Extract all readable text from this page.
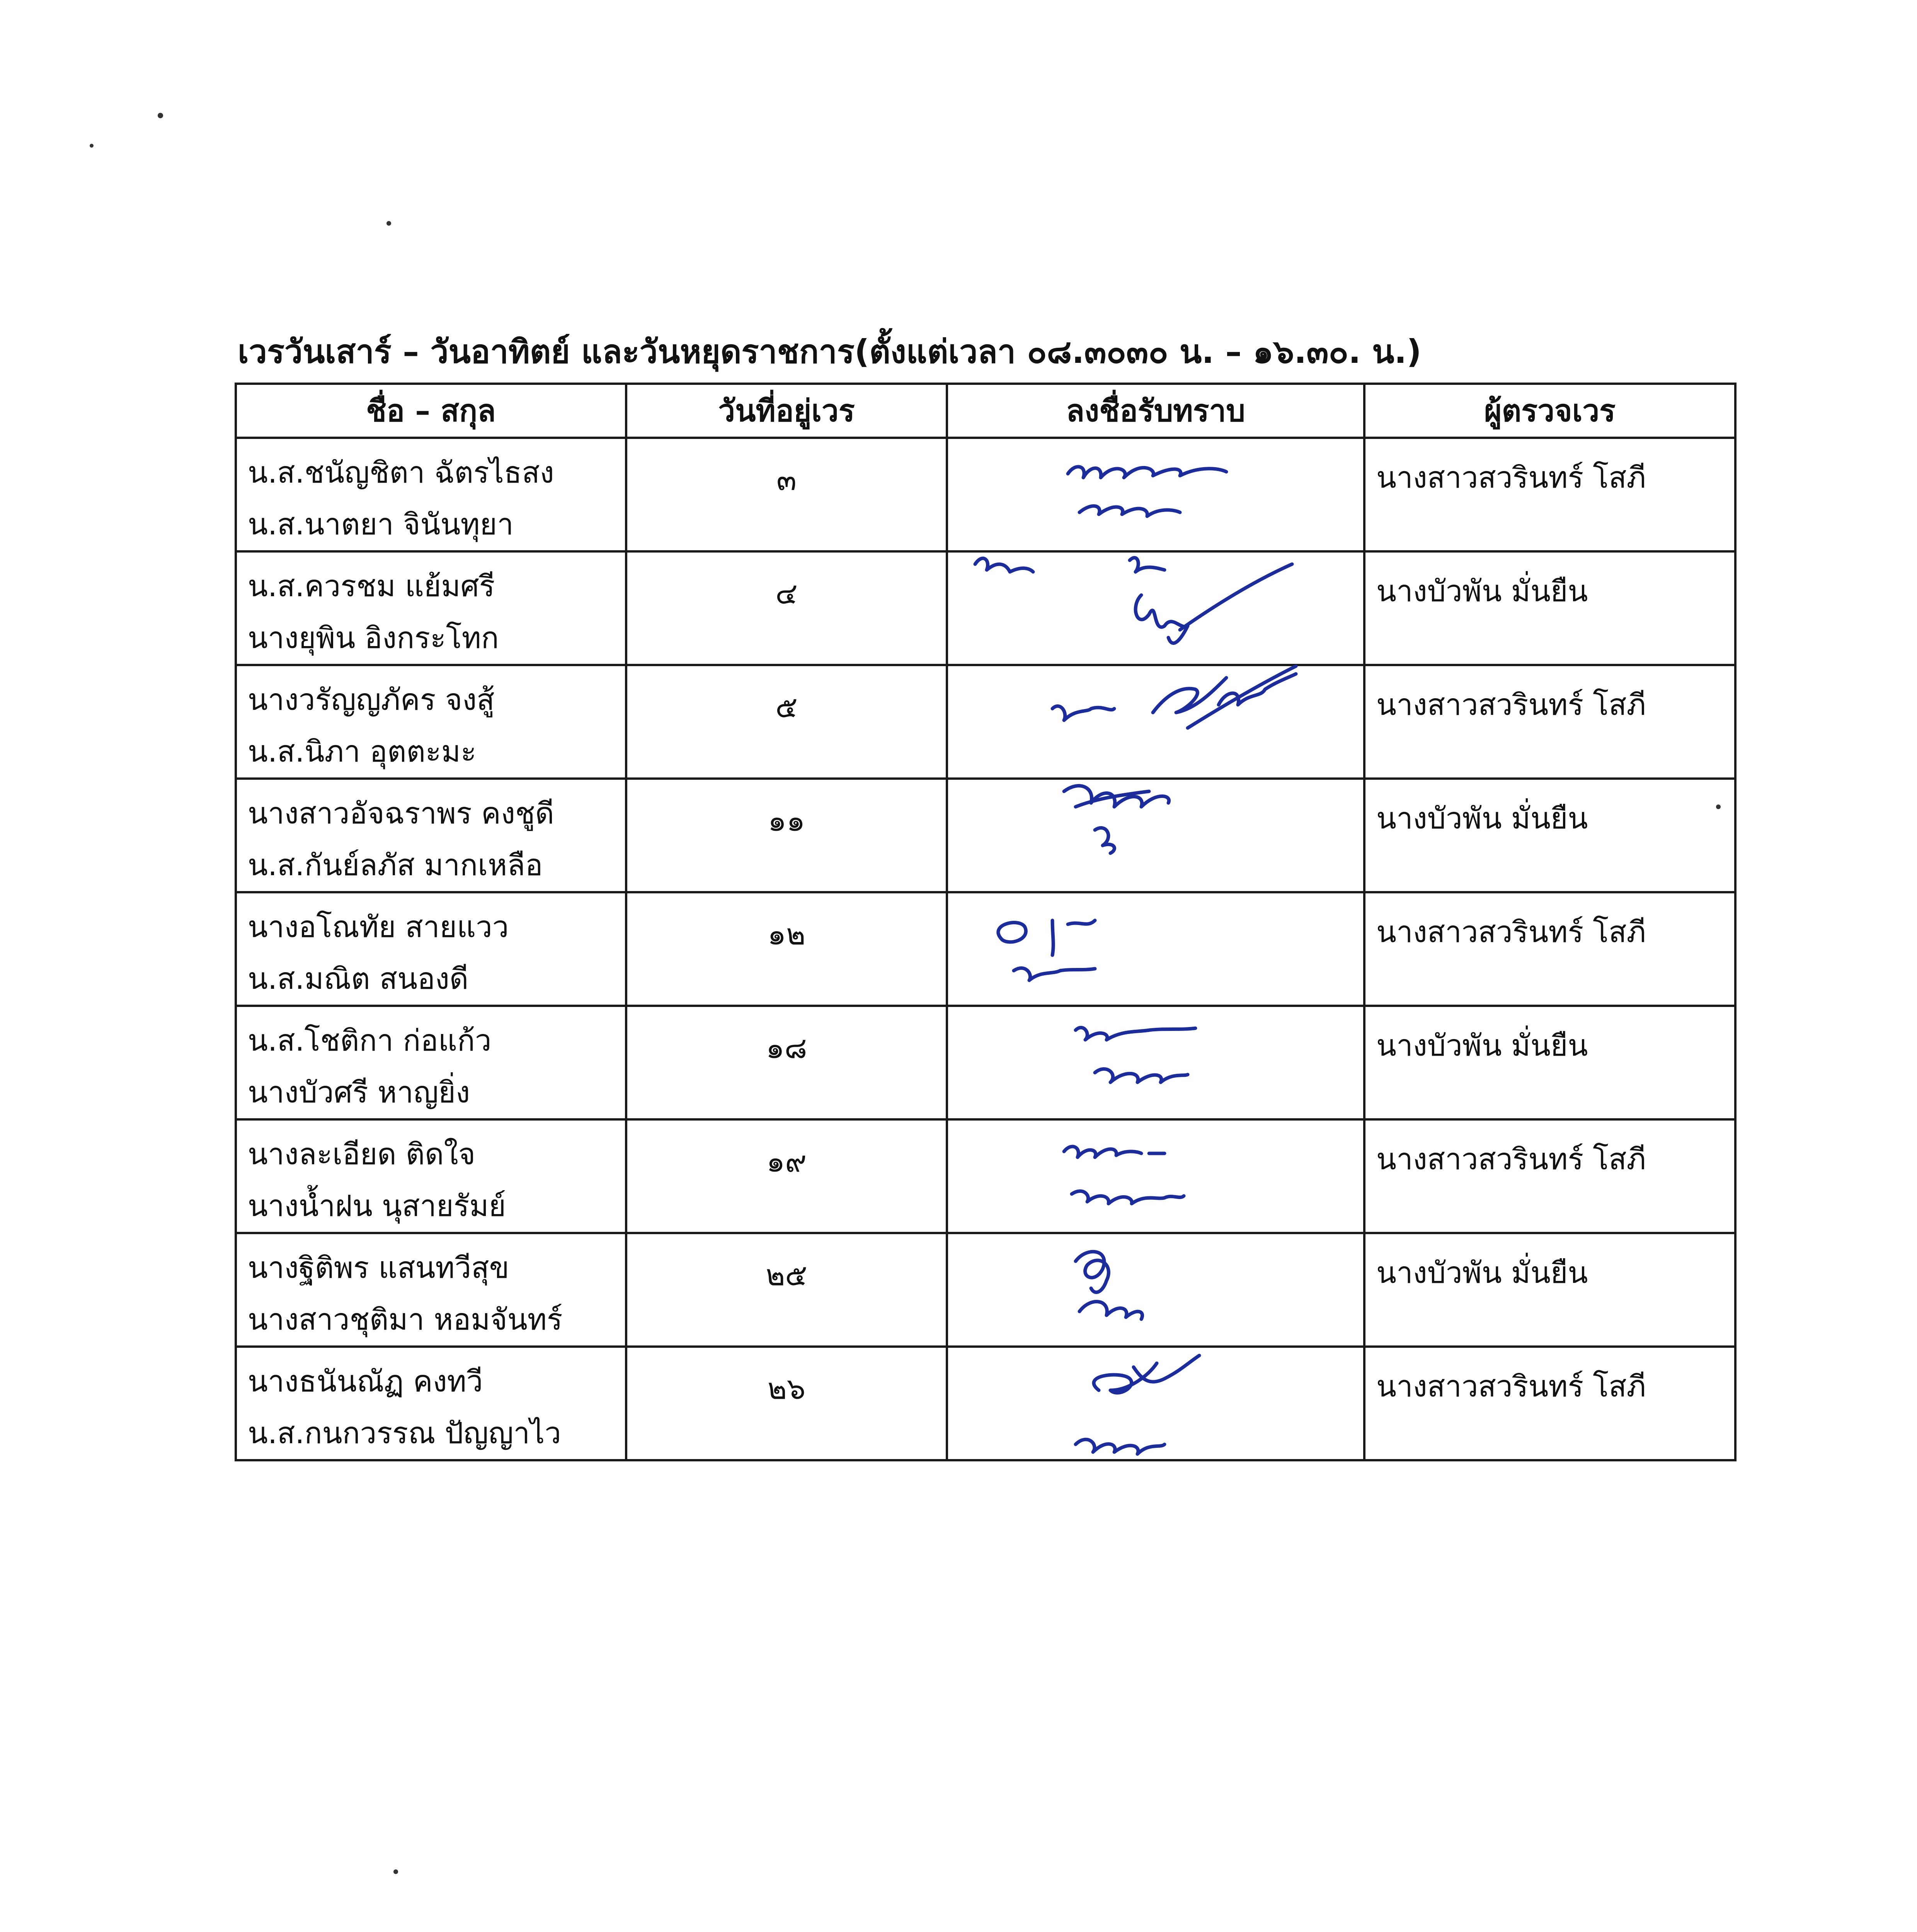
เวรวันเสาร์ – วันอาทิตย์ และวันหยุดราชการ(ตั้งแต่เวลา ๐๘.๓๐๓๐ น. – ๑๖.๓๐. น.)
ชื่อ – สกุล	วันที่อยู่เวร	ลงชื่อรับทราบ	ผู้ตรวจเวร

น.ส.ชนัญชิตา ฉัตรไธสง
น.ส.นาตยา จินันทุยา	๓		นางสาวสวรินทร์ โสภี

น.ส.ควรชม แย้มศรี
นางยุพิน อิงกระโทก	๔		นางบัวพัน มั่นยืน

นางวรัญญภัคร จงสู้
น.ส.นิภา อุตตะมะ	๕		นางสาวสวรินทร์ โสภี

นางสาวอัจฉราพร คงชูดี
น.ส.กันย์ลภัส มากเหลือ	๑๑		นางบัวพัน มั่นยืน

นางอโณทัย สายแวว
น.ส.มณิต สนองดี	๑๒		นางสาวสวรินทร์ โสภี

น.ส.โชติกา ก่อแก้ว
นางบัวศรี หาญยิ่ง	๑๘		นางบัวพัน มั่นยืน

นางละเอียด ติดใจ
นางน้ำฝน นุสายรัมย์	๑๙		นางสาวสวรินทร์ โสภี

นางฐิติพร แสนทวีสุข
นางสาวชุติมา หอมจันทร์	๒๕		นางบัวพัน มั่นยืน

นางธนันณัฏ คงทวี
น.ส.กนกวรรณ ปัญญาไว	๒๖		นางสาวสวรินทร์ โสภี
